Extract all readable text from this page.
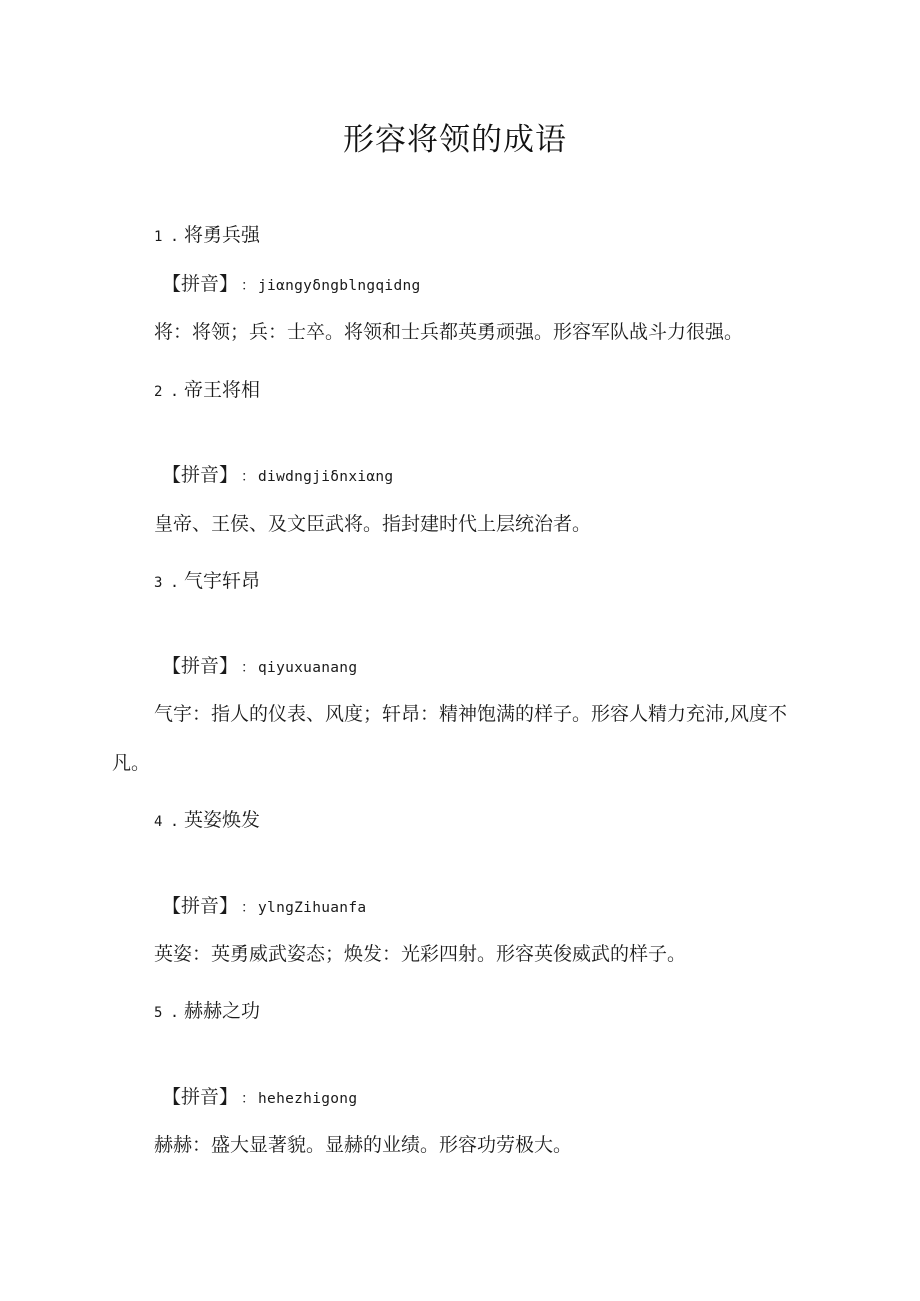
形容将领的成语
1 . 将勇兵强
【拼音】 ： jiαngyδngblngqidng
将：将领；兵：士卒。将领和士兵都英勇顽强。形容军队战斗力很强。
2 . 帝王将相
【拼音】 ： diwdngjiδnxiαng
皇帝、王侯、及文臣武将。指封建时代上层统治者。
3 . 气宇轩昂
【拼音】 ： qiyuxuanang
气宇：指人的仪表、风度；轩昂：精神饱满的样子。形容人精力充沛,风度不凡。
4 . 英姿焕发
【拼音】 ： ylngZihuanfa
英姿：英勇威武姿态；焕发：光彩四射。形容英俊威武的样子。
5 . 赫赫之功
【拼音】 ： hehezhigong
赫赫：盛大显著貌。显赫的业绩。形容功劳极大。
